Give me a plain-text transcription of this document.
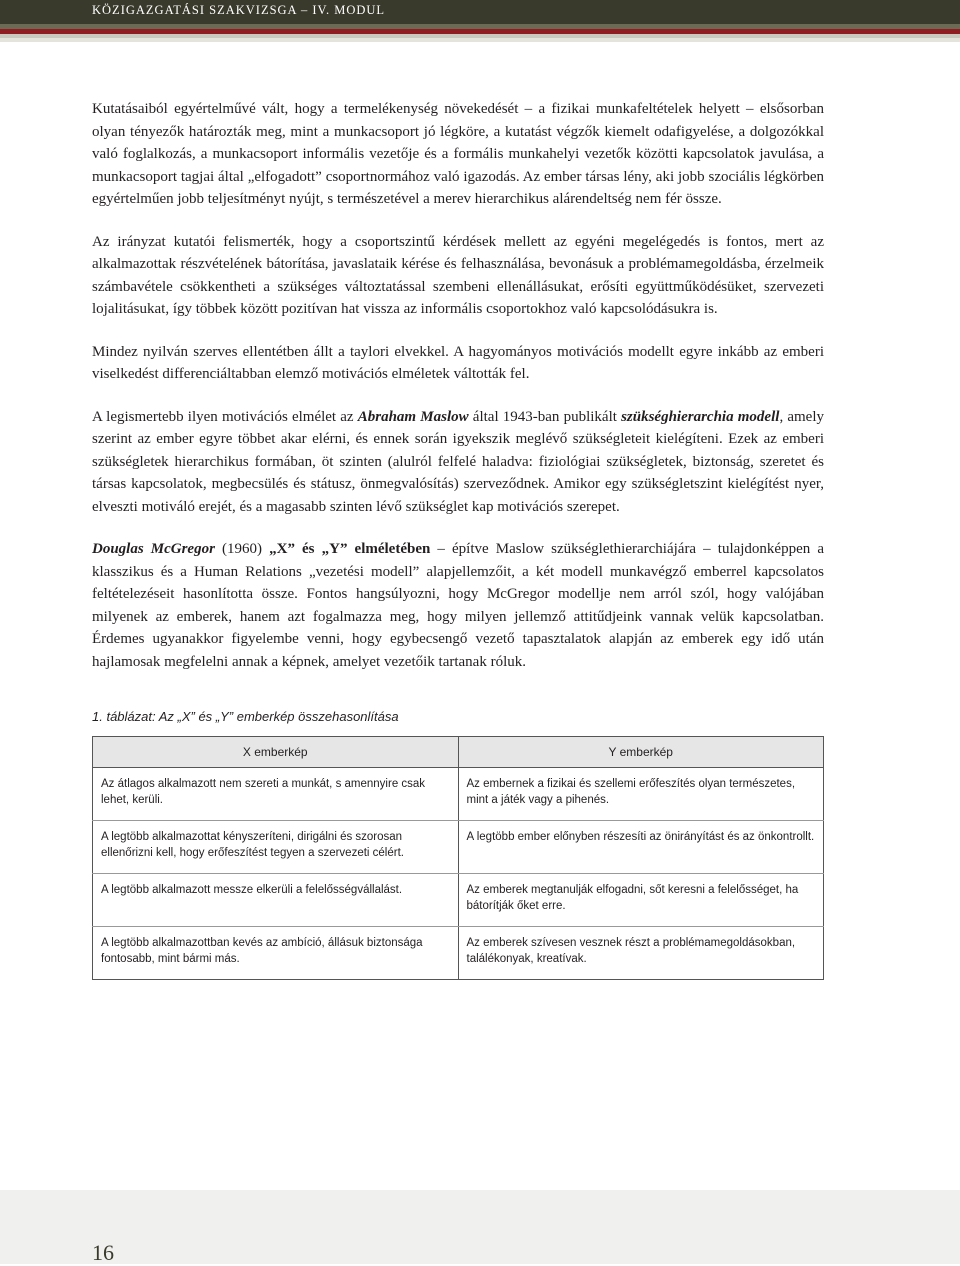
KÖZIGAZGATÁSI SZAKVIZSGA – IV. MODUL

Kutatásaiból egyértelművé vált, hogy a termelékenység növekedését – a fizikai munkafeltételek helyett – elsősorban olyan tényezők határozták meg, mint a munkacsoport jó légköre, a kutatást végzők kiemelt odafigyelése, a dolgozókkal való foglalkozás, a munkacsoport informális vezetője és a formális munkahelyi vezetők közötti kapcsolatok javulása, a munkacsoport tagjai által „elfogadott” csoportnormához való igazodás. Az ember társas lény, aki jobb szociális légkörben egyértelműen jobb teljesítményt nyújt, s természetével a merev hierarchikus alárendeltség nem fér össze.

Az irányzat kutatói felismerték, hogy a csoportszintű kérdések mellett az egyéni megelégedés is fontos, mert az alkalmazottak részvételének bátorítása, javaslataik kérése és felhasználása, bevonásuk a problémamegoldásba, érzelmeik számbavétele csökkentheti a szükséges változtatással szembeni ellenállásukat, erősíti együttműködésüket, szervezeti lojalitásukat, így többek között pozitívan hat vissza az informális csoportokhoz való kapcsolódásukra is.

Mindez nyilván szerves ellentétben állt a taylori elvekkel. A hagyományos motivációs modellt egyre inkább az emberi viselkedést differenciáltabban elemző motivációs elméletek váltották fel.

A legismertebb ilyen motivációs elmélet az Abraham Maslow által 1943-ban publikált szükséghierarchia modell, amely szerint az ember egyre többet akar elérni, és ennek során igyekszik meglévő szükségleteit kielégíteni. Ezek az emberi szükségletek hierarchikus formában, öt szinten (alulról felfelé haladva: fiziológiai szükségletek, biztonság, szeretet és társas kapcsolatok, megbecsülés és státusz, önmegvalósítás) szerveződnek. Amikor egy szükségletszint kielégítést nyer, elveszti motiváló erejét, és a magasabb szinten lévő szükséglet kap motivációs szerepet.

Douglas McGregor (1960) „X” és „Y” elméletében – építve Maslow szükséglethierarchiájára – tulajdonképpen a klasszikus és a Human Relations „vezetési modell” alapjellemzőit, a két modell munkavégző emberrel kapcsolatos feltételezéseit hasonlította össze. Fontos hangsúlyozni, hogy McGregor modellje nem arról szól, hogy valójában milyenek az emberek, hanem azt fogalmazza meg, hogy milyen jellemző attitűdjeink vannak velük kapcsolatban. Érdemes ugyanakkor figyelembe venni, hogy egybecsengő vezető tapasztalatok alapján az emberek egy idő után hajlamosak megfelelni annak a képnek, amelyet vezetőik tartanak róluk.

1. táblázat: Az „X” és „Y” emberkép összehasonlítása
X emberkép	Y emberkép

Az átlagos alkalmazott nem szereti a munkát, s amennyire csak lehet, kerüli.	Az embernek a fizikai és szellemi erőfeszítés olyan természetes, mint a játék vagy a pihenés.

A legtöbb alkalmazottat kényszeríteni, dirigálni és szorosan ellenőrizni kell, hogy erőfeszítést tegyen a szervezeti célért.	A legtöbb ember előnyben részesíti az önirányítást és az önkontrollt.

A legtöbb alkalmazott messze elkerüli a felelősségvállalást.	Az emberek megtanulják elfogadni, sőt keresni a felelősséget, ha bátorítják őket erre.

A legtöbb alkalmazottban kevés az ambíció, állásuk biztonsága fontosabb, mint bármi más.	Az emberek szívesen vesznek részt a problémamegoldásokban, találékonyak, kreatívak.
16
